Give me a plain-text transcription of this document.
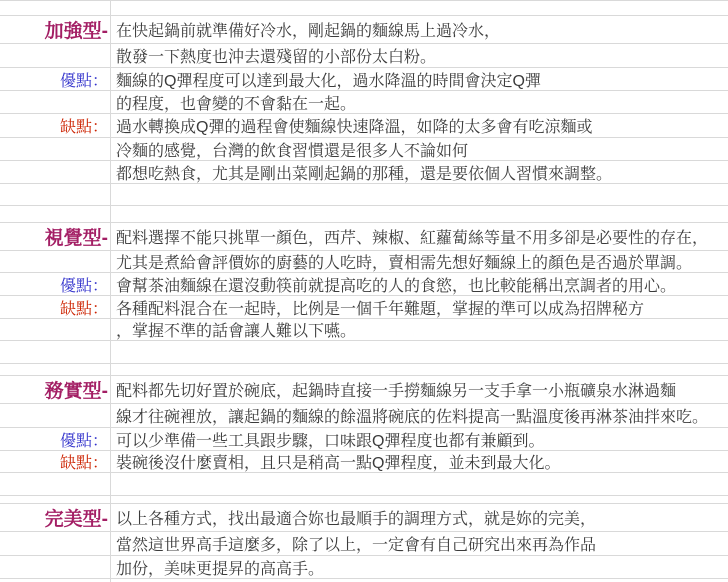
加強型- 在快起鍋前就準備好冷水，剛起鍋的麵線馬上過冷水，
散發一下熱度也沖去還殘留的小部份太白粉。
優點： 麵線的Q彈程度可以達到最大化，過水降溫的時間會決定Q彈
的程度，也會變的不會黏在一起。
缺點： 過水轉換成Q彈的過程會使麵線快速降溫，如降的太多會有吃涼麵或
冷麵的感覺，台灣的飲食習慣還是很多人不論如何
都想吃熱食，尤其是剛出菜剛起鍋的那種，還是要依個人習慣來調整。
視覺型- 配料選擇不能只挑單一顏色，西芹、辣椒、紅蘿蔔絲等量不用多卻是必要性的存在，
尤其是煮給會評價妳的廚藝的人吃時，賣相需先想好麵線上的顏色是否過於單調。
優點： 會幫茶油麵線在還沒動筷前就提高吃的人的食慾，也比較能稱出烹調者的用心。
缺點： 各種配料混合在一起時，比例是一個千年難題，掌握的準可以成為招牌秘方
，掌握不準的話會讓人難以下嚥。
務實型- 配料都先切好置於碗底，起鍋時直接一手撈麵線另一支手拿一小瓶礦泉水淋過麵
線才往碗裡放，讓起鍋的麵線的餘溫將碗底的佐料提高一點溫度後再淋茶油拌來吃。
優點： 可以少準備一些工具跟步驟，口味跟Q彈程度也都有兼顧到。
缺點： 裝碗後沒什麼賣相，且只是稍高一點Q彈程度，並未到最大化。
完美型- 以上各種方式，找出最適合妳也最順手的調理方式，就是妳的完美，
當然這世界高手這麼多，除了以上，一定會有自己研究出來再為作品
加份，美味更提昇的高高手。
